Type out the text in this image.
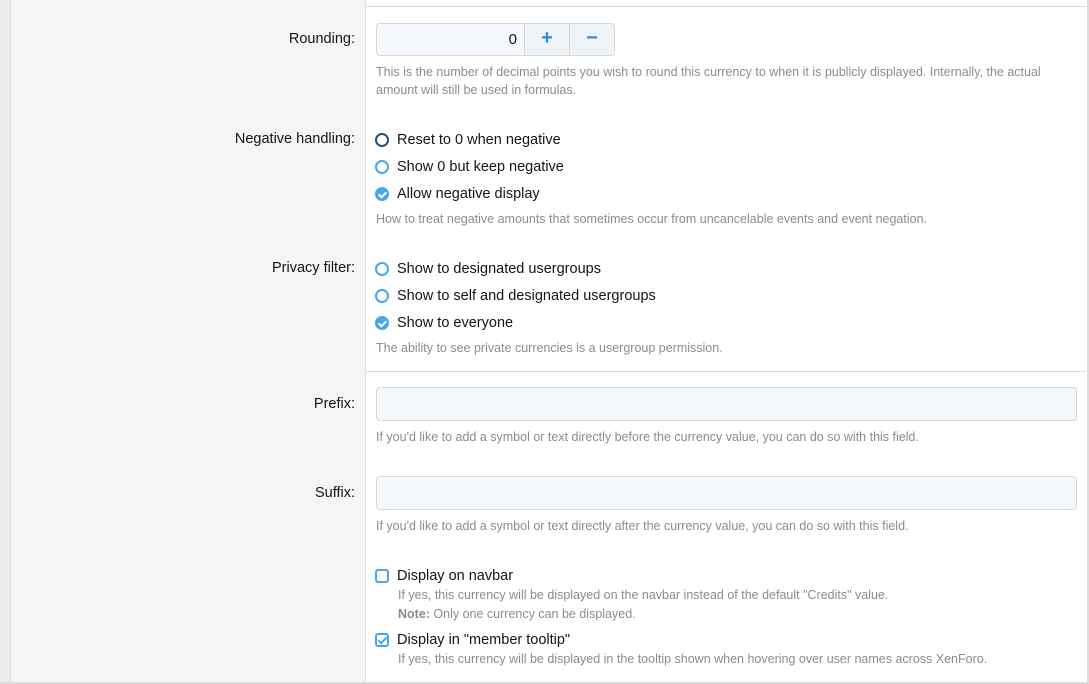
Rounding:	0	+	−
This is the number of decimal points you wish to round this currency to when it is publicly displayed. Internally, the actual amount will still be used in formulas.
Negative handling:	Reset to 0 when negative
Show 0 but keep negative
Allow negative display
How to treat negative amounts that sometimes occur from uncancelable events and event negation.
Privacy filter:	Show to designated usergroups
Show to self and designated usergroups
Show to everyone
The ability to see private currencies is a usergroup permission.
Prefix:
If you'd like to add a symbol or text directly before the currency value, you can do so with this field.
Suffix:
If you'd like to add a symbol or text directly after the currency value, you can do so with this field.
Display on navbar
If yes, this currency will be displayed on the navbar instead of the default "Credits" value.
Note: Only one currency can be displayed.
Display in "member tooltip"
If yes, this currency will be displayed in the tooltip shown when hovering over user names across XenForo.
